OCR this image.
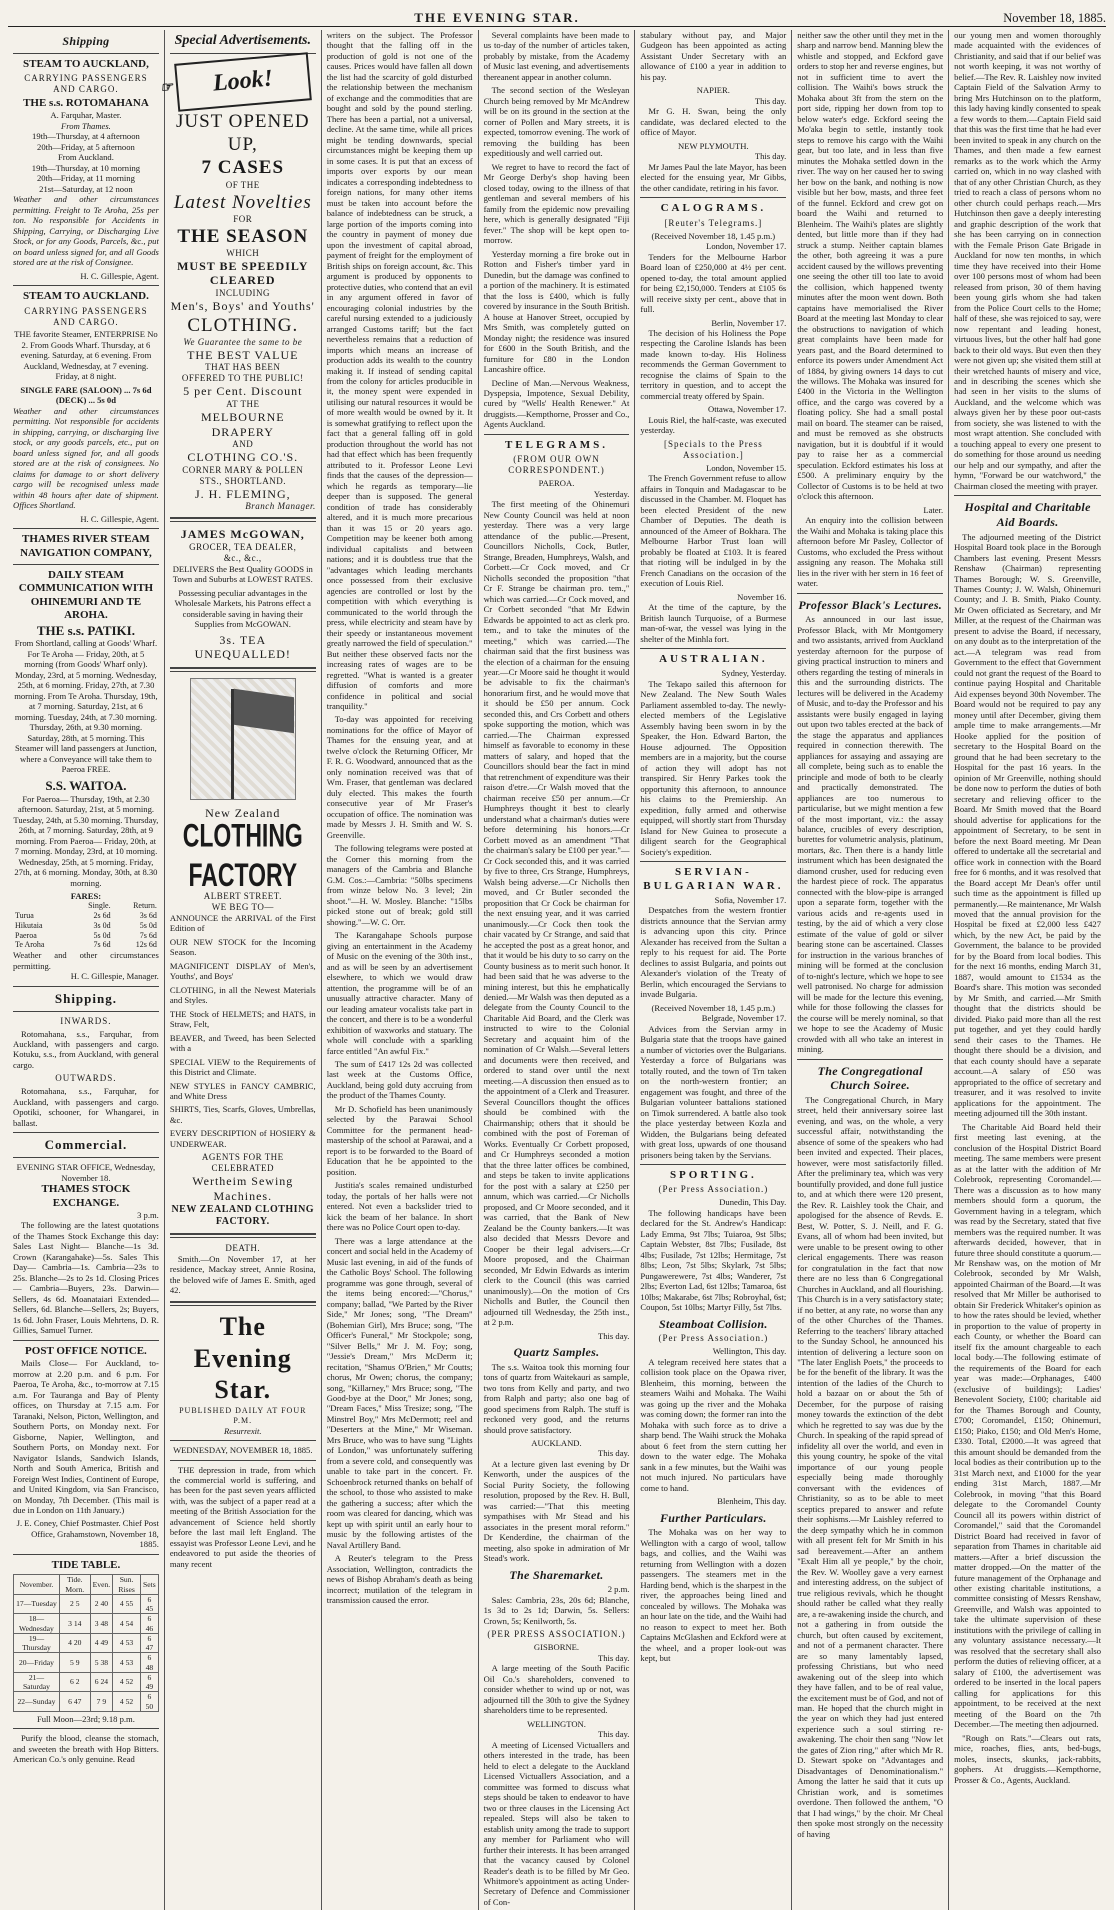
THE EVENING STAR.	November 18, 1885.
Shipping
STEAM TO AUCKLAND,
CARRYING PASSENGERS AND CARGO.
THE s.s. ROTOMAHANA
A. Farquhar, Master.
From Thames.
19th—Thursday, at 4 afternoon
20th—Friday, at 5 afternoon
From Auckland.
19th—Thursday, at 10 morning
20th—Friday, at 11 morning
21st—Saturday, at 12 noon

Weather and other circumstances permitting. Freight to Te Aroha, 25s per ton. No responsible for Accidents in Shipping, Carrying, or Discharging Live Stock, or for any Goods, Parcels, &c., put on board unless signed for, and all Goods stored are at the risk of Consignee.

H. C. Gillespie, Agent.
STEAM TO AUCKLAND.
CARRYING PASSENGERS AND CARGO.

THE favorite Steamer, ENTERPRISE No 2. From Goods Wharf. Thursday, at 6 evening. Saturday, at 6 evening. From Auckland, Wednesday, at 7 evening. Friday, at 8 night.

SINGLE FARE (SALOON) ... 7s 6d (DECK) ... 5s 0d

Weather and other circumstances permitting. Not responsible for accidents in shipping, carrying, or discharging live stock, or any goods parcels, etc., put on board unless signed for, and all goods stored are at the risk of consignees. No claims for damage to or short delivery cargo will be recognised unless made within 48 hours after date of shipment. Offices Shortland.

H. C. Gillespie, Agent.
THAMES RIVER STEAM NAVIGATION COMPANY,
DAILY STEAM COMMUNICATION WITH OHINEMURI AND TE AROHA.
THE s.s. PATIKI.

From Shortland, calling at Goods' Wharf. For Te Aroha — Friday, 20th, at 5 morning (from Goods' Wharf only). Monday, 23rd, at 5 morning. Wednesday, 25th, at 6 morning. Friday, 27th, at 7.30 morning. From Te Aroha. Thursday, 19th, at 7 morning. Saturday, 21st, at 6 morning. Tuesday, 24th, at 7.30 morning. Thursday, 26th, at 9.30 morning. Saturday, 28th, at 5 morning. This Steamer will land passengers at Junction, where a Conveyance will take them to Paeroa FREE.

S.S. WAITOA.

For Paeroa— Thursday, 19th, at 2.30 afternoon. Saturday, 21st, at 5 morning. Tuesday, 24th, at 5.30 morning. Thursday, 26th, at 7 morning. Saturday, 28th, at 9 morning. From Paeroa— Friday, 20th, at 7 morning. Monday, 23rd, at 10 morning. Wednesday, 25th, at 5 morning. Friday, 27th, at 6 morning. Monday, 30th, at 8.30 morning.

FARES:
	Single.	Return.
Turua	2s 6d	3s 6d
Hikutaia	3s 0d	5s 0d
Paeroa	5s 0d	7s 6d
Te Aroha	7s 6d	12s 6d
Weather and other circumstances permitting.
H. C. Gillespie, Manager.
Shipping.
INWARDS.

Rotomahana, s.s., Farquhar, from Auckland, with passengers and cargo. Kotuku, s.s., from Auckland, with general cargo.

OUTWARDS.

Rotomahana, s.s., Farquhar, for Auckland, with passengers and cargo. Opotiki, schooner, for Whangarei, in ballast.

Commercial.
EVENING STAR OFFICE, Wednesday, November 18.
THAMES STOCK EXCHANGE.
3 p.m.

The following are the latest quotations of the Thames Stock Exchange this day: Sales Last Night— Blanche—1s 3d. Crown (Karangahake)—5s. Sales This Day— Cambria—1s. Cambria—23s to 25s. Blanche—2s to 2s 1d. Closing Prices— Cambria—Buyers, 23s. Darwin—Sellers, 4s 6d. Moanataiari Extended—Sellers, 6d. Blanche—Sellers, 2s; Buyers, 1s 6d. John Fraser, Louis Mehrtens, D. R. Gillies, Samuel Turner.

POST OFFICE NOTICE.

Mails Close— For Auckland, to-morrow at 2.20 p.m. and 6 p.m. For Paeroa, Te Aroha, &c., to-morrow at 7.15 a.m. For Tauranga and Bay of Plenty offices, on Thursday at 7.15 a.m. For Taranaki, Nelson, Picton, Wellington, and Southern Ports, on Monday next. For Gisborne, Napier, Wellington, and Southern Ports, on Monday next. For Navigator Islands, Sandwich Islands, North and South America, British and Foreign West Indies, Continent of Europe, and United Kingdom, via San Francisco, on Monday, 7th December. (This mail is due in London on 11th January.)

J. E. Coney, Chief Postmaster. Chief Post Office, Grahamstown, November 18, 1885.
TIDE TABLE.
November.	Tide. Morn.	Even.	Sun. Rises	Sets
17—Tuesday	2 5	2 40	4 55	6 45
18—Wednesday	3 14	3 48	4 54	6 46
19—Thursday	4 20	4 49	4 53	6 47
20—Friday	5 9	5 38	4 53	6 48
21—Saturday	6 2	6 24	4 52	6 49
22—Sunday	6 47	7 9	4 52	6 50
Full Moon—23rd; 9.18 p.m.

Purify the blood, cleanse the stomach, and sweeten the breath with Hop Bitters. American Co.'s only genuine. Read

Special Advertisements.
☞ Look!
JUST OPENED UP,
7 CASES
OF THE
Latest Novelties
FOR
THE SEASON
WHICH
MUST BE SPEEDILY CLEARED
INCLUDING
Men's, Boys' and Youths'
CLOTHING.
We Guarantee the same to be
THE BEST VALUE
THAT HAS BEEN
OFFERED TO THE PUBLIC!
5 per Cent. Discount
AT THE
MELBOURNE DRAPERY
AND
CLOTHING CO.'S.
CORNER MARY & POLLEN STS., SHORTLAND.
J. H. FLEMING,
Branch Manager.
JAMES McGOWAN,
GROCER, TEA DEALER,
&c., &c.,

DELIVERS the Best Quality GOODS in Town and Suburbs at LOWEST RATES.

Possessing peculiar advantages in the Wholesale Markets, his Patrons effect a considerable saving in having their Supplies from McGOWAN.

3s. TEA UNEQUALLED!
New Zealand
CLOTHING FACTORY
ALBERT STREET.
WE BEG TO—

ANNOUNCE the ARRIVAL of the First Edition of

OUR NEW STOCK for the Incoming Season.

MAGNIFICENT DISPLAY of Men's, Youths', and Boys'

CLOTHING, in all the Newest Materials and Styles.

THE Stock of HELMETS; and HATS, in Straw, Felt,

BEAVER, and Tweed, has been Selected with a

SPECIAL VIEW to the Requirements of this District and Climate.

NEW STYLES in FANCY CAMBRIC, and White Dress

SHIRTS, Ties, Scarfs, Gloves, Umbrellas, &c.

EVERY DESCRIPTION of HOSIERY & UNDERWEAR.

AGENTS FOR THE CELEBRATED
Wertheim Sewing Machines.
NEW ZEALAND CLOTHING FACTORY.
DEATH.

Smith.—On November 17, at her residence, Mackay street, Annie Rosina, the beloved wife of James E. Smith, aged 42.

The Evening Star.
PUBLISHED DAILY AT FOUR P.M.
Resurrexit.
WEDNESDAY, NOVEMBER 18, 1885.

THE depression in trade, from which the commercial world is suffering, and has been for the past seven years afflicted with, was the subject of a paper read at a meeting of the British Association for the advancement of Science held shortly before the last mail left England. The essayist was Professor Leone Levi, and he endeavored to put aside the theories of many recent

writers on the subject. The Professor thought that the falling off in the production of gold is not one of the causes. Prices would have fallen all down the list had the scarcity of gold disturbed the relationship between the mechanism of exchange and the commodities that are bought and sold by the pound sterling. There has been a partial, not a universal, decline. At the same time, while all prices might be tending downwards, special circumstances might be keeping them up in some cases. It is put that an excess of imports over exports by our mean indicates a corresponding indebtedness to foreign nations, for many other items must be taken into account before the balance of indebtedness can be struck, a large portion of the imports coming into the country in payment of money due upon the investment of capital abroad, payment of freight for the employment of British ships on foreign account, &c. This argument is produced by opponents to protective duties, who contend that an evil in any argument offered in favor of encouraging colonial industries by the careful nursing extended to a judiciously arranged Customs tariff; but the fact nevertheless remains that a reduction of imports which means an increase of production adds its wealth to the country making it. If instead of sending capital from the colony for articles producible in it, the money spent were expended in utilising our natural resources it would be of more wealth would be owned by it. It is somewhat gratifying to reflect upon the fact that a general falling off in gold production throughout the world has not had that effect which has been frequently attributed to it. Professor Leone Levi finds that the causes of the depression—which he regards as temporary—lie deeper than is supposed. The general condition of trade has considerably altered, and it is much more precarious than it was 15 or 20 years ago. Competition may be keener both among individual capitalists and between nations; and it is doubtless true that the "advantages which leading merchants once possessed from their exclusive agencies are controlled or lost by the competition with which everything is communicated to the world through the press, while electricity and steam have by their speedy or instantaneous movement greatly narrowed the field of speculation." But neither these observed facts nor the increasing rates of wages are to be regretted. "What is wanted is a greater diffusion of comforts and more confidence in political and social tranquility."

To-day was appointed for receiving nominations for the office of Mayor of Thames for the ensuing year, and at twelve o'clock the Returning Officer, Mr F. R. G. Woodward, announced that as the only nomination received was that of Wm. Fraser, that gentleman was declared duly elected. This makes the fourth consecutive year of Mr Fraser's occupation of office. The nomination was made by Messrs J. H. Smith and W. S. Greenville.

The following telegrams were posted at the Corner this morning from the managers of the Cambria and Blanche G.M. Cos.:—Cambria: "50lbs specimens from winze below No. 3 level; 2in shoot."—H. W. Mosley. Blanche: "15lbs picked stone out of break; gold still showing."—W. C. Orr.

The Karangahape Schools purpose giving an entertainment in the Academy of Music on the evening of the 30th inst., and as will be seen by an advertisement elsewhere, to which we would draw attention, the programme will be of an unusually attractive character. Many of our leading amateur vocalists take part in the concert, and there is to be a wonderful exhibition of waxworks and statuary. The whole will conclude with a sparkling farce entitled "An awful Fix."

The sum of £417 12s 2d was collected last week at the Customs Office, Auckland, being gold duty accruing from the product of the Thames County.

Mr D. Schofield has been unanimously selected by the Parawai School Committee for the permanent head-mastership of the school at Parawai, and a report is to be forwarded to the Board of Education that he be appointed to the position.

Justitia's scales remained undisturbed today, the portals of her halls were not entered. Not even a backslider tried to kick the beam of her balance. In short there was no Police Court open to-day.

There was a large attendance at the concert and social held in the Academy of Music last evening, in aid of the funds of the Catholic Boys' School. The following programme was gone through, several of the items being encored:—"Chorus," company; ballad, "We Parted by the River Side," Mr Jones; song, "The Dream" (Bohemian Girl), Mrs Bruce; song, "The Officer's Funeral," Mr Stockpole; song, "Silver Bells," Mr J. M. Foy; song, "Jessie's Dream," Mrs McDerm it; recitation, "Shamus O'Brien," Mr Coutts; chorus, Mr Owen; chorus, the company; song, "Killarney," Mrs Bruce; song, "The Good-bye at the Door," Mr Jones; song, "Dream Faces," Miss Tresize; song, "The Minstrel Boy," Mrs McDermott; reel and "Deserters at the Mine," Mr Wiseman. Mrs Bruce, who was to have sung "Lights of London," was unfortunately suffering from a severe cold, and consequently was unable to take part in the concert. Fr. Schoenbrock returned thanks on behalf of the school, to those who assisted to make the gathering a success; after which the room was cleared for dancing, which was kept up with spirit until an early hour to music by the following artistes of the Naval Artillery Band.

A Reuter's telegram to the Press Association, Wellington, contradicts the news of Bishop Abraham's death as being incorrect; mutilation of the telegram in transmission caused the error.

Several complaints have been made to us to-day of the number of articles taken, probably by mistake, from the Academy of Music last evening, and advertisements thereanent appear in another column.

The second section of the Wesleyan Church being removed by Mr McAndrew will be on its ground in the section at the corner of Pollen and Mary streets, it is expected, tomorrow evening. The work of removing the building has been expeditiously and well carried out.

We regret to have to record the fact of Mr George Derby's shop having been closed today, owing to the illness of that gentleman and several members of his family from the epidemic now prevailing here, which is generally designated "Fiji fever." The shop will be kept open to-morrow.

Yesterday morning a fire broke out in Rotton and Fisher's timber yard in Dunedin, but the damage was confined to a portion of the machinery. It is estimated that the loss is £400, which is fully covered by insurance in the South British. A house at Hanover Street, occupied by Mrs Smith, was completely gutted on Monday night; the residence was insured for £600 in the South British, and the furniture for £80 in the London Lancashire office.

Decline of Man.—Nervous Weakness, Dyspepsia, Impotence, Sexual Debility, cured by "Wells' Health Renewer." At druggists.—Kempthorne, Prosser and Co., Agents Auckland.

TELEGRAMS.
(FROM OUR OWN CORRESPONDENT.)
PAEROA.
Yesterday.

The first meeting of the Ohinemuri New County Council was held at noon yesterday. There was a very large attendance of the public.—Present, Councillors Nicholls, Cock, Butler, Strange, Breaden, Humphreys, Walsh, and Corbett.—Cr Cock moved, and Cr Nicholls seconded the proposition "that Cr F. Strange be chairman pro. tem.," which was carried.—Cr Cock moved, and Cr Corbett seconded "that Mr Edwin Edwards be appointed to act as clerk pro. tem., and to take the minutes of the meeting," which was carried.—The chairman said that the first business was the election of a chairman for the ensuing year.—Cr Moore said he thought it would be advisable to fix the chairman's honorarium first, and he would move that it should be £50 per annum. Cock seconded this, and Crs Corbett and others spoke supporting the motion, which was carried.—The Chairman expressed himself as favorable to economy in these matters of salary, and hoped that the Councillors should bear the fact in mind that retrenchment of expenditure was their raison d'etre.—Cr Walsh moved that the chairman receive £50 per annum.—Cr Humphreys thought it best to clearly understand what a chairman's duties were before determining his honors.—Cr Corbett moved as an amendment "That the chairman's salary be £100 per year."—Cr Cock seconded this, and it was carried by five to three, Crs Strange, Humphreys, Walsh being adverse.—Cr Nicholls then moved, and Cr Butler seconded the proposition that Cr Cock be chairman for the next ensuing year, and it was carried unanimously.—Cr Cock then took the chair vacated by Cr Strange, and said that he accepted the post as a great honor, and that it would be his duty to so carry on the County business as to merit such honor. It had been said that he was adverse to the mining interest, but this he emphatically denied.—Mr Walsh was then deputed as a delegate from the County Council to the Charitable Aid Board, and the Clerk was instructed to wire to the Colonial Secretary and acquaint him of the nomination of Cr Walsh.—Several letters and documents were then received, and ordered to stand over until the next meeting.—A discussion then ensued as to the appointment of a Clerk and Treasurer. Several Councillors thought the offices should be combined with the Chairmanship; others that it should be combined with the post of Foreman of Works. Eventually Cr Corbett proposed, and Cr Humphreys seconded a motion that the three latter offices be combined, and steps be taken to invite applications for the post with a salary at £250 per annum, which was carried.—Cr Nicholls proposed, and Cr Moore seconded, and it was carried, that the Bank of New Zealand be the County bankers.—It was also decided that Messrs Devore and Cooper be their legal advisers.—Cr Moore proposed, and the Chairman seconded, Mr Edwin Edwards as interim clerk to the Council (this was carried unanimously).—On the motion of Crs Nicholls and Butler, the Council then adjourned till Wednesday, the 25th inst., at 2 p.m.

This day.
Quartz Samples.

The s.s. Waitoa took this morning four tons of quartz from Waitekauri as sample, two tons from Kelly and party, and two from Ralph and party; also one bag of good specimens from Ralph. The stuff is reckoned very good, and the returns should prove satisfactory.

AUCKLAND.
This day.

At a lecture given last evening by Dr Kenworth, under the auspices of the Social Purity Society, the following resolution, proposed by the Rev. H. Bull, was carried:—"That this meeting sympathises with Mr Stead and his associates in the present moral reform." Dr Kenderdine, the chairman of the meeting, also spoke in admiration of Mr Stead's work.

The Sharemarket.
2 p.m.

Sales: Cambria, 23s, 20s 6d; Blanche, 1s 3d to 2s 1d; Darwin, 5s. Sellers: Crown, 5s; Kenilworth, 5s.

(PER PRESS ASSOCIATION.)
GISBORNE.
This day.

A large meeting of the South Pacific Oil Co.'s shareholders, convened to consider whether to wind up or not, was adjourned till the 30th to give the Sydney shareholders time to be represented.

WELLINGTON.
This day.

A meeting of Licensed Victuallers and others interested in the trade, has been held to elect a delegate to the Auckland Licensed Victuallers Association, and a committee was formed to discuss what steps should be taken to endeavor to have two or three clauses in the Licensing Act repealed. Steps will also be taken to establish unity among the trade to support any member for Parliament who will further their interests. It has been arranged that the vacancy caused by Colonel Reader's death is to be filled by Mr Geo. Whitmore's appointment as acting Under-Secretary of Defence and Commissioner of Con-

stabulary without pay, and Major Gudgeon has been appointed as acting Assistant Under Secretary with an allowance of £100 a year in addition to his pay.

NAPIER.
This day.

Mr G. H. Swan, being the only candidate, was declared elected to the office of Mayor.

NEW PLYMOUTH.
This day.

Mr James Paul the late Mayor, has been elected for the ensuing year, Mr Gibbs, the other candidate, retiring in his favor.

CALOGRAMS.
[Reuter's Telegrams.]
(Received November 18, 1.45 p.m.)
London, November 17.

Tenders for the Melbourne Harbor Board loan of £250,000 at 4½ per cent. opened to-day, the total amount applied for being £2,150,000. Tenders at £105 6s will receive sixty per cent., above that in full.

Berlin, November 17.

The decision of his Holiness the Pope respecting the Caroline Islands has been made known to-day. His Holiness recommends the German Government to recognise the claims of Spain to the territory in question, and to accept the commercial treaty offered by Spain.

Ottawa, November 17.

Louis Riel, the half-caste, was executed yesterday.

[Specials to the Press Association.]
London, November 15.

The French Government refuse to allow affairs in Tonquin and Madagascar to be discussed in the Chamber. M. Floquet has been elected President of the new Chamber of Deputies. The death is announced of the Ameer of Bokhara. The Melbourne Harbor Trust loan will probably be floated at £103. It is feared that rioting will be indulged in by the French Canadians on the occasion of the execution of Louis Riel.

November 16.

At the time of the capture, by the British launch Turquoise, of a Burmese man-of-war, the vessel was lying in the shelter of the Minhla fort.

AUSTRALIAN.
Sydney, Yesterday.

The Tekapo sailed this afternoon for New Zealand. The New South Wales Parliament assembled to-day. The newly-elected members of the Legislative Assembly having been sworn in by the Speaker, the Hon. Edward Barton, the House adjourned. The Opposition members are in a majority, but the course of action they will adopt has not transpired. Sir Henry Parkes took the opportunity this afternoon, to announce his claims to the Premiership. An expedition, fully armed and otherwise equipped, will shortly start from Thursday Island for New Guinea to prosecute a diligent search for the Geographical Society's expedition.

SERVIAN-BULGARIAN WAR.
Sofia, November 17.

Despatches from the western frontier districts announce that the Servian army is advancing upon this city. Prince Alexander has received from the Sultan a reply to his request for aid. The Porte declines to assist Bulgaria, and points out Alexander's violation of the Treaty of Berlin, which encouraged the Servians to invade Bulgaria.

(Received November 18, 1.45 p.m.)
Belgrade, November 17.

Advices from the Servian army in Bulgaria state that the troops have gained a number of victories over the Bulgarians. Yesterday a force of Bulgarians was totally routed, and the town of Trn taken on the north-western frontier; an engagement was fought, and three of the Bulgarian volunteer battalions stationed on Timok surrendered. A battle also took the place yesterday between Kozla and Widden, the Bulgarians being defeated with great loss, upwards of one thousand prisoners being taken by the Servians.

SPORTING.
(Per Press Association.)
Dunedin, This Day.

The following handicaps have been declared for the St. Andrew's Handicap: Lady Emma, 9st 7lbs; Tuiaroa, 9st 5lbs; Captain Webster, 8st 7lbs; Fusilade, 8st 4lbs; Fusilade, 7st 12lbs; Hermitage, 7st 8lbs; Leon, 7st 5lbs; Skylark, 7st 5lbs; Pungawerewere, 7st 4lbs; Wanderer, 7st 2lbs; Everton Lad, 6st 12lbs; Tamaroa, 6st 10lbs; Makarabe, 6st 7lbs; Robroyhal, 6st; Coupon, 5st 10lbs; Martyr Filly, 5st 7lbs.

Steamboat Collision.
(Per Press Association.)
Wellington, This day.

A telegram received here states that a collision took place on the Opawa river, Blenheim, this morning, between the steamers Waihi and Mohaka. The Waihi was going up the river and the Mohaka was coming down; the former ran into the Mohaka with such force as to drive a sharp bend. The Waihi struck the Mohaka about 6 feet from the stern cutting her down to the water edge. The Mohaka sank in a few minutes, but the Waihi was not much injured. No particulars have come to hand.

Blenheim, This day.
Further Particulars.

The Mohaka was on her way to Wellington with a cargo of wool, tallow bags, and collies, and the Waihi was returning from Wellington with a dozen passengers. The steamers met in the Harding bend, which is the sharpest in the river, the approaches being lined and concealed by willows. The Mohaka was an hour late on the tide, and the Waihi had no reason to expect to meet her. Both Captains McGlashen and Eckford were at the wheel, and a proper look-out was kept, but

neither saw the other until they met in the sharp and narrow bend. Manning blew the whistle and stopped, and Eckford gave orders to stop her and reverse engines, but not in sufficient time to avert the collision. The Waihi's bows struck the Mohaka about 3ft from the stern on the port side, ripping her down from top to below water's edge. Eckford seeing the Mo'aka begin to settle, instantly took steps to remove his cargo with the Waihi gear, but too late, and in less than five minutes the Mohaka settled down in the river. The way on her caused her to swing her bow on the bank, and nothing is now visible but her bow, masts, and three feet of the funnel. Eckford and crew got on board the Waihi and returned to Blenheim. The Waihi's plates are slightly dented, but little more than if they had struck a stump. Neither captain blames the other, both agreeing it was a pure accident caused by the willows preventing one seeing the other till too late to avoid the collision, which happened twenty minutes after the moon went down. Both captains have memorialised the River Board at the meeting last Monday to clear the obstructions to navigation of which great complaints have been made for years past, and the Board determined to enforce its powers under Amendment Act of 1884, by giving owners 14 days to cut the willows. The Mohaka was insured for £400 in the Victoria in the Wellington office, and the cargo was covered by a floating policy. She had a small postal mail on board. The steamer can be raised, and must be removed as she obstructs navigation, but it is doubtful if it would pay to raise her as a commercial speculation. Eckford estimates his loss at £500. A preliminary enquiry by the Collector of Customs is to be held at two o'clock this afternoon.

Later.

An enquiry into the collision between the Waihi and Mohaka is taking place this afternoon before Mr Pasley, Collector of Customs, who excluded the Press without assigning any reason. The Mohaka still lies in the river with her stern in 16 feet of water.

Professor Black's Lectures.

As announced in our last issue, Professor Black, with Mr Montgomery and two assistants, arrived from Auckland yesterday afternoon for the purpose of giving practical instruction to miners and others regarding the testing of minerals in this and the surrounding districts. The lectures will be delivered in the Academy of Music, and to-day the Professor and his assistants were busily engaged in laying out upon two tables erected at the back of the stage the apparatus and appliances required in connection therewith. The appliances for assaying and assaying are all complete, being such as to enable the principle and mode of both to be clearly and practically demonstrated. The appliances are too numerous to particularise, but we might mention a few of the most important, viz.: the assay balance, crucibles of every description, burettes for volumetric analysis, platinum, mortars, &c. Then there is a handy little instrument which has been designated the diamond crusher, used for reducing even the hardest piece of rock. The apparatus connected with the blow-pipe is arranged upon a separate form, together with the various acids and re-agents used in testing, by the aid of which a very close estimate of the value of gold or silver bearing stone can be ascertained. Classes for instruction in the various branches of mining will be formed at the conclusion of to-night's lecture, which we hope to see well patronised. No charge for admission will be made for the lecture this evening, while for those following the classes for the course will be merely nominal, so that we hope to see the Academy of Music crowded with all who take an interest in mining.

The Congregational Church Soiree.

The Congregational Church, in Mary street, held their anniversary soiree last evening, and was, on the whole, a very successful affair, notwithstanding the absence of some of the speakers who had been invited and expected. Their places, however, were most satisfactorily filled. After the preliminary tea, which was very bountifully provided, and done full justice to, and at which there were 120 present, the Rev. R. Laishley took the Chair, and apologised for the absence of Revds. E. Best, W. Potter, S. J. Neill, and F. G. Evans, all of whom had been invited, but were unable to be present owing to other clerical engagements. There was reason for congratulation in the fact that now there are no less than 6 Congregational Churches in Auckland, and all flourishing. This Church is in a very satisfactory state; if no better, at any rate, no worse than any of the other Churches of the Thames. Referring to the teachers' library attached to the Sunday School, he announced his intention of delivering a lecture soon on "The later English Poets," the proceeds to be for the benefit of the library. It was the intention of the ladies of the Church to hold a bazaar on or about the 5th of December, for the purpose of raising money towards the extinction of the debt which he regretted to say was due by the Church. In speaking of the rapid spread of infidelity all over the world, and even in this young country, he spoke of the vital importance of our young people especially being made thoroughly conversant with the evidences of Christianity, so as to be able to meet sceptics prepared to answer and refute their sophisms.—Mr Laishley referred to the deep sympathy which he in common with all present felt for Mr Smith in his sad bereavement.—After an anthem "Exalt Him all ye people," by the choir, the Rev. W. Woolley gave a very earnest and interesting address, on the subject of true religious revivals, which he thought should rather be called what they really are, a re-awakening inside the church, and not a gathering in from outside the church, but often caused by excitement, and not of a permanent character. There are so many lamentably lapsed, professing Christians, but who need awakening out of the sleep into which they have fallen, and to be of real value, the excitement must be of God, and not of man. He hoped that the church might in the year on which they had just entered experience such a soul stirring re-awakening. The choir then sang "Now let the gates of Zion ring," after which Mr R. D. Stewart spoke on "Advantages and Disadvantages of Denominationalism." Among the latter he said that it cuts up Christian work, and is sometimes overdone. Then followed the anthem, "O that I had wings," by the choir. Mr Cheal then spoke most strongly on the necessity of having

our young men and women thoroughly made acquainted with the evidences of Christianity, and said that if our belief was not worth keeping, it was not worthy of belief.—The Rev. R. Laishley now invited Captain Field of the Salvation Army to bring Mrs Hutchinson on to the platform, this lady having kindly consented to speak a few words to them.—Captain Field said that this was the first time that he had ever been invited to speak in any church on the Thames, and then made a few earnest remarks as to the work which the Army carried on, which in no way clashed with that of any other Christian Church, as they tried to reach a class of persons whom no other church could perhaps reach.—Mrs Hutchinson then gave a deeply interesting and graphic description of the work that she has been carrying on in connection with the Female Prison Gate Brigade in Auckland for now ten months, in which time they have received into their Home over 100 persons most of whom had been released from prison, 30 of them having been young girls whom she had taken from the Police Court cells to the Home; half of these, she was rejoiced to say, were now repentant and leading honest, virtuous lives, but the other half had gone back to their old ways. But even then they were not given up; she visited them still at their wretched haunts of misery and vice, and in describing the scenes which she had seen in her visits to the slums of Auckland, and the welcome which was always given her by these poor out-casts from society, she was listened to with the most wrapt attention. She concluded with a touching appeal to every one present to do something for those around us needing our help and our sympathy, and after the hymn, "Forward be our watchword," the Chairman closed the meeting with prayer.

Hospital and Charitable Aid Boards.

The adjourned meeting of the District Hospital Board took place in the Borough Chambers last evening. Present Messrs Renshaw (Chairman) representing Thames Borough; W. S. Greenville, Thames County; J. W. Walsh, Ohinemuri County; and J. B. Smith, Piako County. Mr Owen officiated as Secretary, and Mr Miller, at the request of the Chairman was present to advise the Board, if necessary, on any doubt as to the interpretation of the act.—A telegram was read from Government to the effect that Government could not grant the request of the Board to continue paying Hospital and Charitable Aid expenses beyond 30th November. The Board would not be required to pay any money until after December, giving them ample time to make arrangements.—Mr Hooke applied for the position of secretary to the Hospital Board on the ground that he had been secretary to the Hospital for the past 16 years. In the opinion of Mr Greenville, nothing should be done now to perform the duties of both secretary and relieving officer to the Board. Mr Smith moved that the Board should advertise for applications for the appointment of Secretary, to be sent in before the next Board meeting. Mr Dean offered to undertake all the secretarial and office work in connection with the Board free for 6 months, and it was resolved that the Board accept Mr Dean's offer until such time as the appointment is filled up permanently.—Re maintenance, Mr Walsh moved that the annual provision for the Hospital be fixed at £2,000 less £427 which, by the new Act, be paid by the Government, the balance to be provided for by the Board from local bodies. This for the next 16 months, ending March 31, 1887, would amount to £1534 as the Board's share. This motion was seconded by Mr Smith, and carried.—Mr Smith thought that the districts should be divided. Piako paid more than all the rest put together, and yet they could hardly send their cases to the Thames. He thought there should be a division, and that each county should have a separate account.—A salary of £50 was appropriated to the office of secretary and treasurer, and it was resolved to invite applications for the appointment. The meeting adjourned till the 30th instant.

The Charitable Aid Board held their first meeting last evening, at the conclusion of the Hospital District Board meeting. The same members were present as at the latter with the addition of Mr Colebrook, representing Coromandel.—There was a discussion as to how many members should form a quorum, the Government having in a telegram, which was read by the Secretary, stated that five members was the required number. It was afterwards decided, however, that in future three should constitute a quorum.—Mr Renshaw was, on the motion of Mr Colebrook, seconded by Mr Walsh, appointed Chairman of the Board.—It was resolved that Mr Miller be authorised to obtain Sir Frederick Whitaker's opinion as to how the rates should be levied, whether in proportion to the value of property in each County, or whether the Board can itself fix the amount chargeable to each local body.—The following estimate of the requirements of the Board for each year was made:—Orphanages, £400 (exclusive of buildings); Ladies' Benevolent Society, £100; charitable aid for the Thames Borough and County, £700; Coromandel, £150; Ohinemuri, £150; Piako, £150; and Old Men's Home, £330. Total, £2000.—It was agreed that this amount should be demanded from the local bodies as their contribution up to the 31st March next, and £1000 for the year ending 31st March, 1887.—Mr Colebrook, in moving "that this Board delegate to the Coromandel County Council all its powers within district of Coromandel," said that the Coromandel District Board had received in favor of separation from Thames in charitable aid matters.—After a brief discussion the matter dropped.—On the matter of the future management of the Orphanage and other existing charitable institutions, a committee consisting of Messrs Renshaw, Greenville, and Walsh was appointed to take the ultimate supervision of these institutions with the privilege of calling in any voluntary assistance necessary.—It was resolved that the secretary shall also perform the duties of relieving officer, at a salary of £100, the advertisement was ordered to be inserted in the local papers calling for applications for this appointment, to be received at the next meeting of the Board on the 7th December.—The meeting then adjourned.

"Rough on Rats."—Clears out rats, mice, roaches, flies, ants, bed-bugs, moles, insects, skunks, jack-rabbits, gophers. At druggists.—Kempthorne, Prosser & Co., Agents, Auckland.
